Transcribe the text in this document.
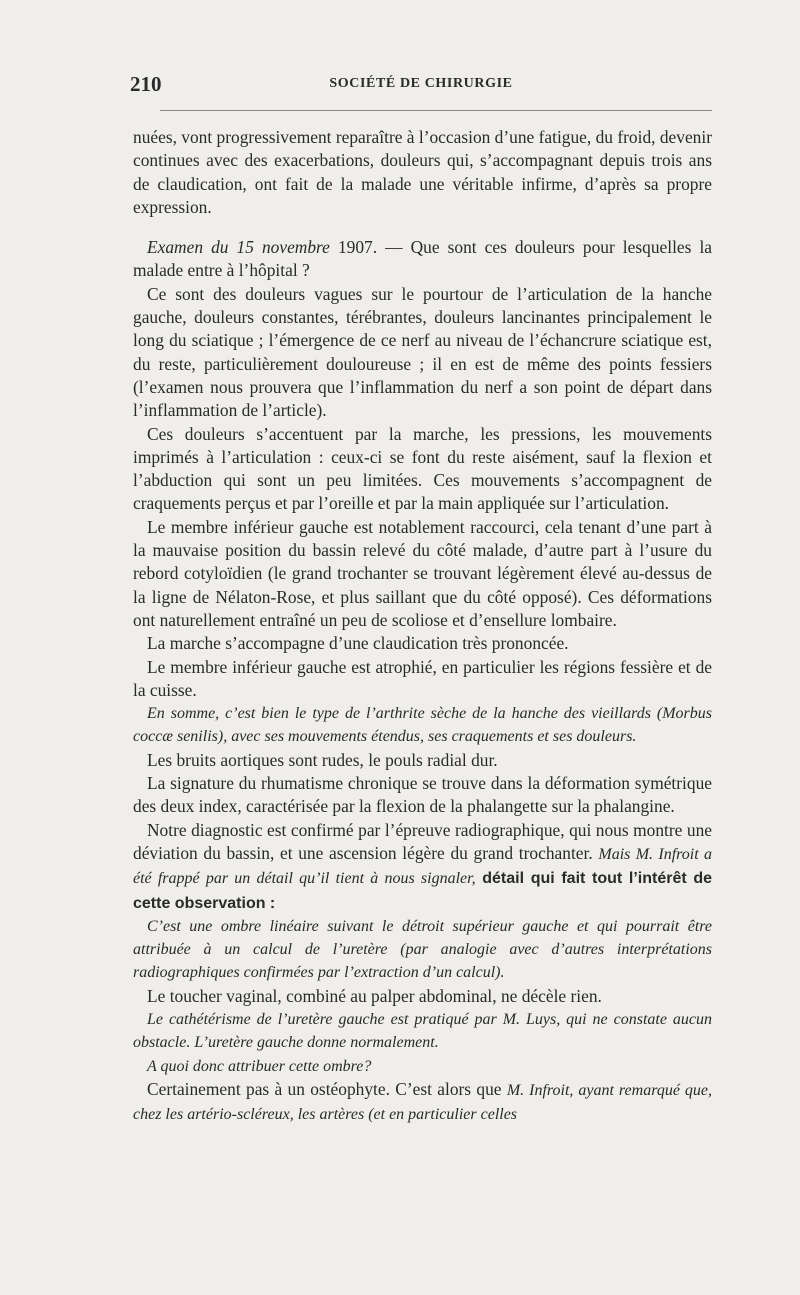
210	SOCIÉTÉ DE CHIRURGIE

nuées, vont progressivement reparaître à l’occasion d’une fatigue, du froid, devenir continues avec des exacerbations, douleurs qui, s’accompagnant depuis trois ans de claudication, ont fait de la malade une véritable infirme, d’après sa propre expression.

Examen du 15 novembre 1907. — Que sont ces douleurs pour lesquelles la malade entre à l’hôpital ?

Ce sont des douleurs vagues sur le pourtour de l’articulation de la hanche gauche, douleurs constantes, térébrantes, douleurs lancinantes principalement le long du sciatique ; l’émergence de ce nerf au niveau de l’échancrure sciatique est, du reste, particulièrement douloureuse ; il en est de même des points fessiers (l’examen nous prouvera que l’inflammation du nerf a son point de départ dans l’inflammation de l’article).

Ces douleurs s’accentuent par la marche, les pressions, les mouvements imprimés à l’articulation : ceux-ci se font du reste aisément, sauf la flexion et l’abduction qui sont un peu limitées. Ces mouvements s’accompagnent de craquements perçus et par l’oreille et par la main appliquée sur l’articulation.

Le membre inférieur gauche est notablement raccourci, cela tenant d’une part à la mauvaise position du bassin relevé du côté malade, d’autre part à l’usure du rebord cotyloïdien (le grand trochanter se trouvant légèrement élevé au-dessus de la ligne de Nélaton-Rose, et plus saillant que du côté opposé). Ces déformations ont naturellement entraîné un peu de scoliose et d’ensellure lombaire.

La marche s’accompagne d’une claudication très prononcée.

Le membre inférieur gauche est atrophié, en particulier les régions fessière et de la cuisse.

En somme, c’est bien le type de l’arthrite sèche de la hanche des vieillards (Morbus coccæ senilis), avec ses mouvements étendus, ses craquements et ses douleurs.

Les bruits aortiques sont rudes, le pouls radial dur.

La signature du rhumatisme chronique se trouve dans la déformation symétrique des deux index, caractérisée par la flexion de la phalangette sur la phalangine.

Notre diagnostic est confirmé par l’épreuve radiographique, qui nous montre une déviation du bassin, et une ascension légère du grand trochanter. Mais M. Infroit a été frappé par un détail qu’il tient à nous signaler, détail qui fait tout l’intérêt de cette observation :

C’est une ombre linéaire suivant le détroit supérieur gauche et qui pourrait être attribuée à un calcul de l’uretère (par analogie avec d’autres interprétations radiographiques confirmées par l’extraction d’un calcul).

Le toucher vaginal, combiné au palper abdominal, ne décèle rien.

Le cathétérisme de l’uretère gauche est pratiqué par M. Luys, qui ne constate aucun obstacle. L’uretère gauche donne normalement.

A quoi donc attribuer cette ombre?

Certainement pas à un ostéophyte. C’est alors que M. Infroit, ayant remarqué que, chez les artério-scléreux, les artères (et en particulier celles
